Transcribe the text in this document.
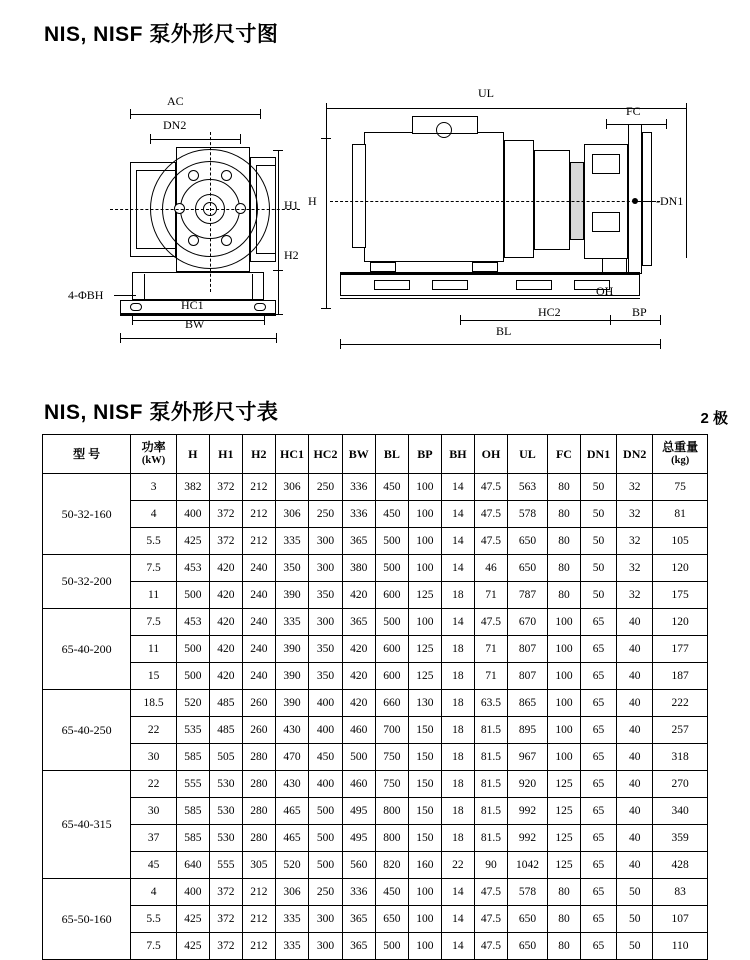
NIS, NISF 泵外形尺寸图
NIS, NISF 泵外形尺寸表	2 极
AC
DN2
4-ΦBH
H1
H2
HC1
BW
UL
FC
-DN1
H
OH
HC2	BP
BL
型 号	功率
(kW)	H	H1	H2	HC1	HC2	BW	BL	BP	BH	OH	UL	FC	DN1	DN2	总重量
(kg)

50-32-160	3	382	372	212	306	250	336	450	100	14	47.5	563	80	50	32	75
	4	400	372	212	306	250	336	450	100	14	47.5	578	80	50	32	81
	5.5	425	372	212	335	300	365	500	100	14	47.5	650	80	50	32	105
50-32-200	7.5	453	420	240	350	300	380	500	100	14	46	650	80	50	32	120
	11	500	420	240	390	350	420	600	125	18	71	787	80	50	32	175
65-40-200	7.5	453	420	240	335	300	365	500	100	14	47.5	670	100	65	40	120
	11	500	420	240	390	350	420	600	125	18	71	807	100	65	40	177
	15	500	420	240	390	350	420	600	125	18	71	807	100	65	40	187
65-40-250	18.5	520	485	260	390	400	420	660	130	18	63.5	865	100	65	40	222
	22	535	485	260	430	400	460	700	150	18	81.5	895	100	65	40	257
	30	585	505	280	470	450	500	750	150	18	81.5	967	100	65	40	318
65-40-315	22	555	530	280	430	400	460	750	150	18	81.5	920	125	65	40	270
	30	585	530	280	465	500	495	800	150	18	81.5	992	125	65	40	340
	37	585	530	280	465	500	495	800	150	18	81.5	992	125	65	40	359
	45	640	555	305	520	500	560	820	160	22	90	1042	125	65	40	428
65-50-160	4	400	372	212	306	250	336	450	100	14	47.5	578	80	65	50	83
	5.5	425	372	212	335	300	365	650	100	14	47.5	650	80	65	50	107
	7.5	425	372	212	335	300	365	500	100	14	47.5	650	80	65	50	110
